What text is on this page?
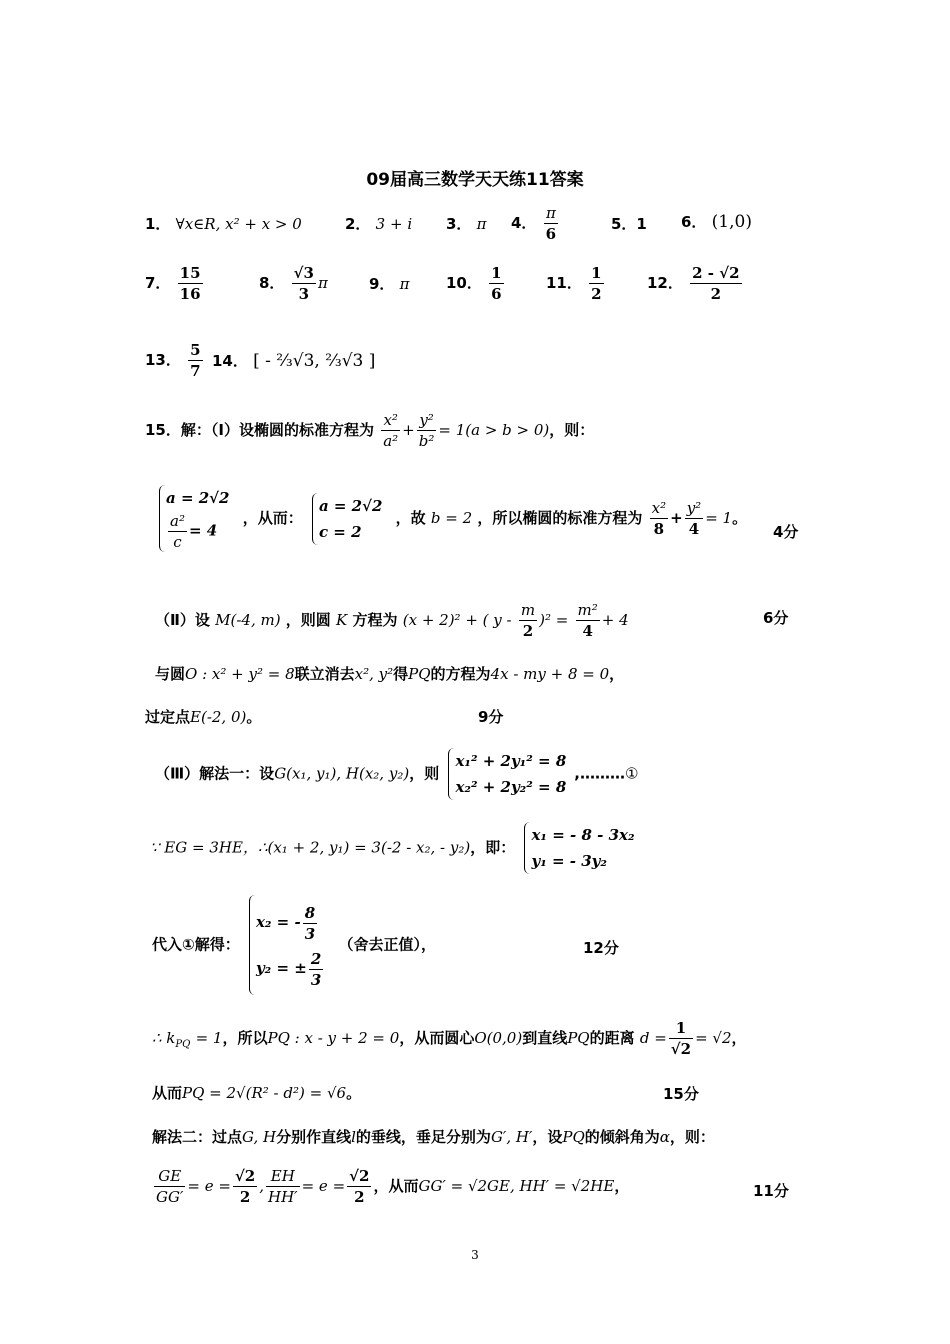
09届高三数学天天练11答案
1． ∀x∈R, x² + x > 0	2． 3 + i 3． π 4． $\frac{\pi}{6}$	5．1 6． (1,0)
7． $\frac{15}{16}$	8． $\frac{√3}{3}$ π	9． π 10． $\frac{1}{6}$	11． $\frac{1}{2}$	12． $\frac{2 - √2}{2}$
13． $\frac{5}{7} 14$． [ - ⅔√3, ⅔√3 ]
15．解：（Ⅰ）设椭圆的标准方程为 $\frac{\text{x²}}{\text{a²}} + \frac{\text{y²}}{\text{b²}} = 1(a > b > 0)$，则：
a = 2√2
$\frac{\text{a²}}{c} = 4$
，从而：
a = 2√2
c = 2
，故 b = 2 ，所以椭圆的标准方程为 $\frac{\text{x²}}{8} + \frac{\text{y²}}{4} = 1$。
4分
（Ⅱ）设 M(-4, m) ，则圆 K 方程为 (x + 2)² + ( $y - \frac{m}{2} )^2 = \frac{\text{m²}}{4} + 4$	6分
与圆O : x² + y² = 8联立消去x², y²得PQ的方程为4x - my + 8 = 0，
过定点E(-2, 0)。	9分
（Ⅲ）解法一：设G(x₁, y₁), H(x₂, y₂)，则
x₁² + 2y₁² = 8
x₂² + 2y₂² = 8
,………①
∵ EG = 3HE，∴(x₁ + 2, y₁) = 3(-2 - x₂, - y₂)，即：
x₁ = - 8 - 3x₂
y₁ = - 3y₂
代入①解得：
x₂ = - $\frac{8}{3}$
y₂ = ± $\frac{2}{3}$
（舍去正值），	12分
∴ $k_{PQ} = 1$，所以PQ : x - y + 2 = 0，从而圆心O(0,0)到直线PQ的距离 $d = \frac{1}{√2} = √2$，
从而PQ = 2√(R² - d²) = √6。	15分
解法二：过点G, H分别作直线l的垂线，垂足分别为G′, H′，设PQ的倾斜角为α，则：
$\frac{GE}{GG'} = e = \frac{√2}{2}$ , $\frac{EH}{HH'} = e = \frac{√2}{2}$ ，从而GG′ = √2GE, HH′ = √2HE，	11分
3
